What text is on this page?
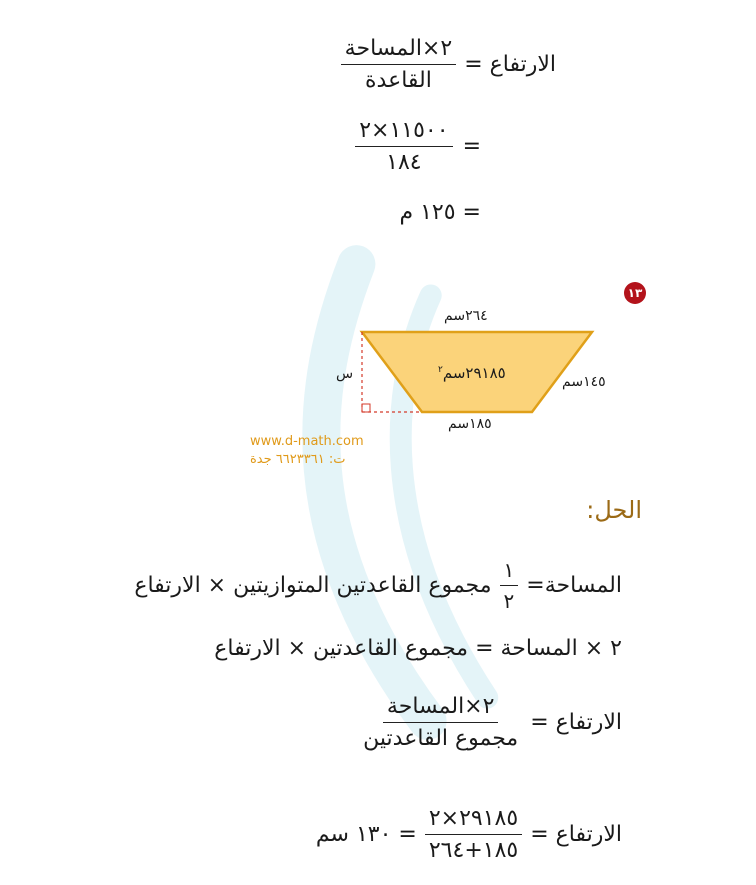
الارتفاع =
$\frac{\text{٢×المساحة}}{\text{القاعدة}}$
=
$\frac{١١٥٠٠\times ٢}{١٨٤}$
= ١٢٥ م
١٣
٢٦٤سم
س	١٤٥سم
١٨٥سم
٢٩١٨٥سم$^٢$
www.d-math.com
ت: ٦٦٢٣٣٦١ جدة
الحل:
المساحة=
$\frac{١}{٢}$
مجموع القاعدتين المتوازيتين × الارتفاع
٢ × المساحة = مجموع القاعدتين × الارتفاع
الارتفاع =
$\frac{\text{٢×المساحة}}{\text{مجموع القاعدتين}}$
الارتفاع =
$\frac{٢٩١٨٥\times ٢}{١٨٥+٢٦٤}$
= ١٣٠ سم
